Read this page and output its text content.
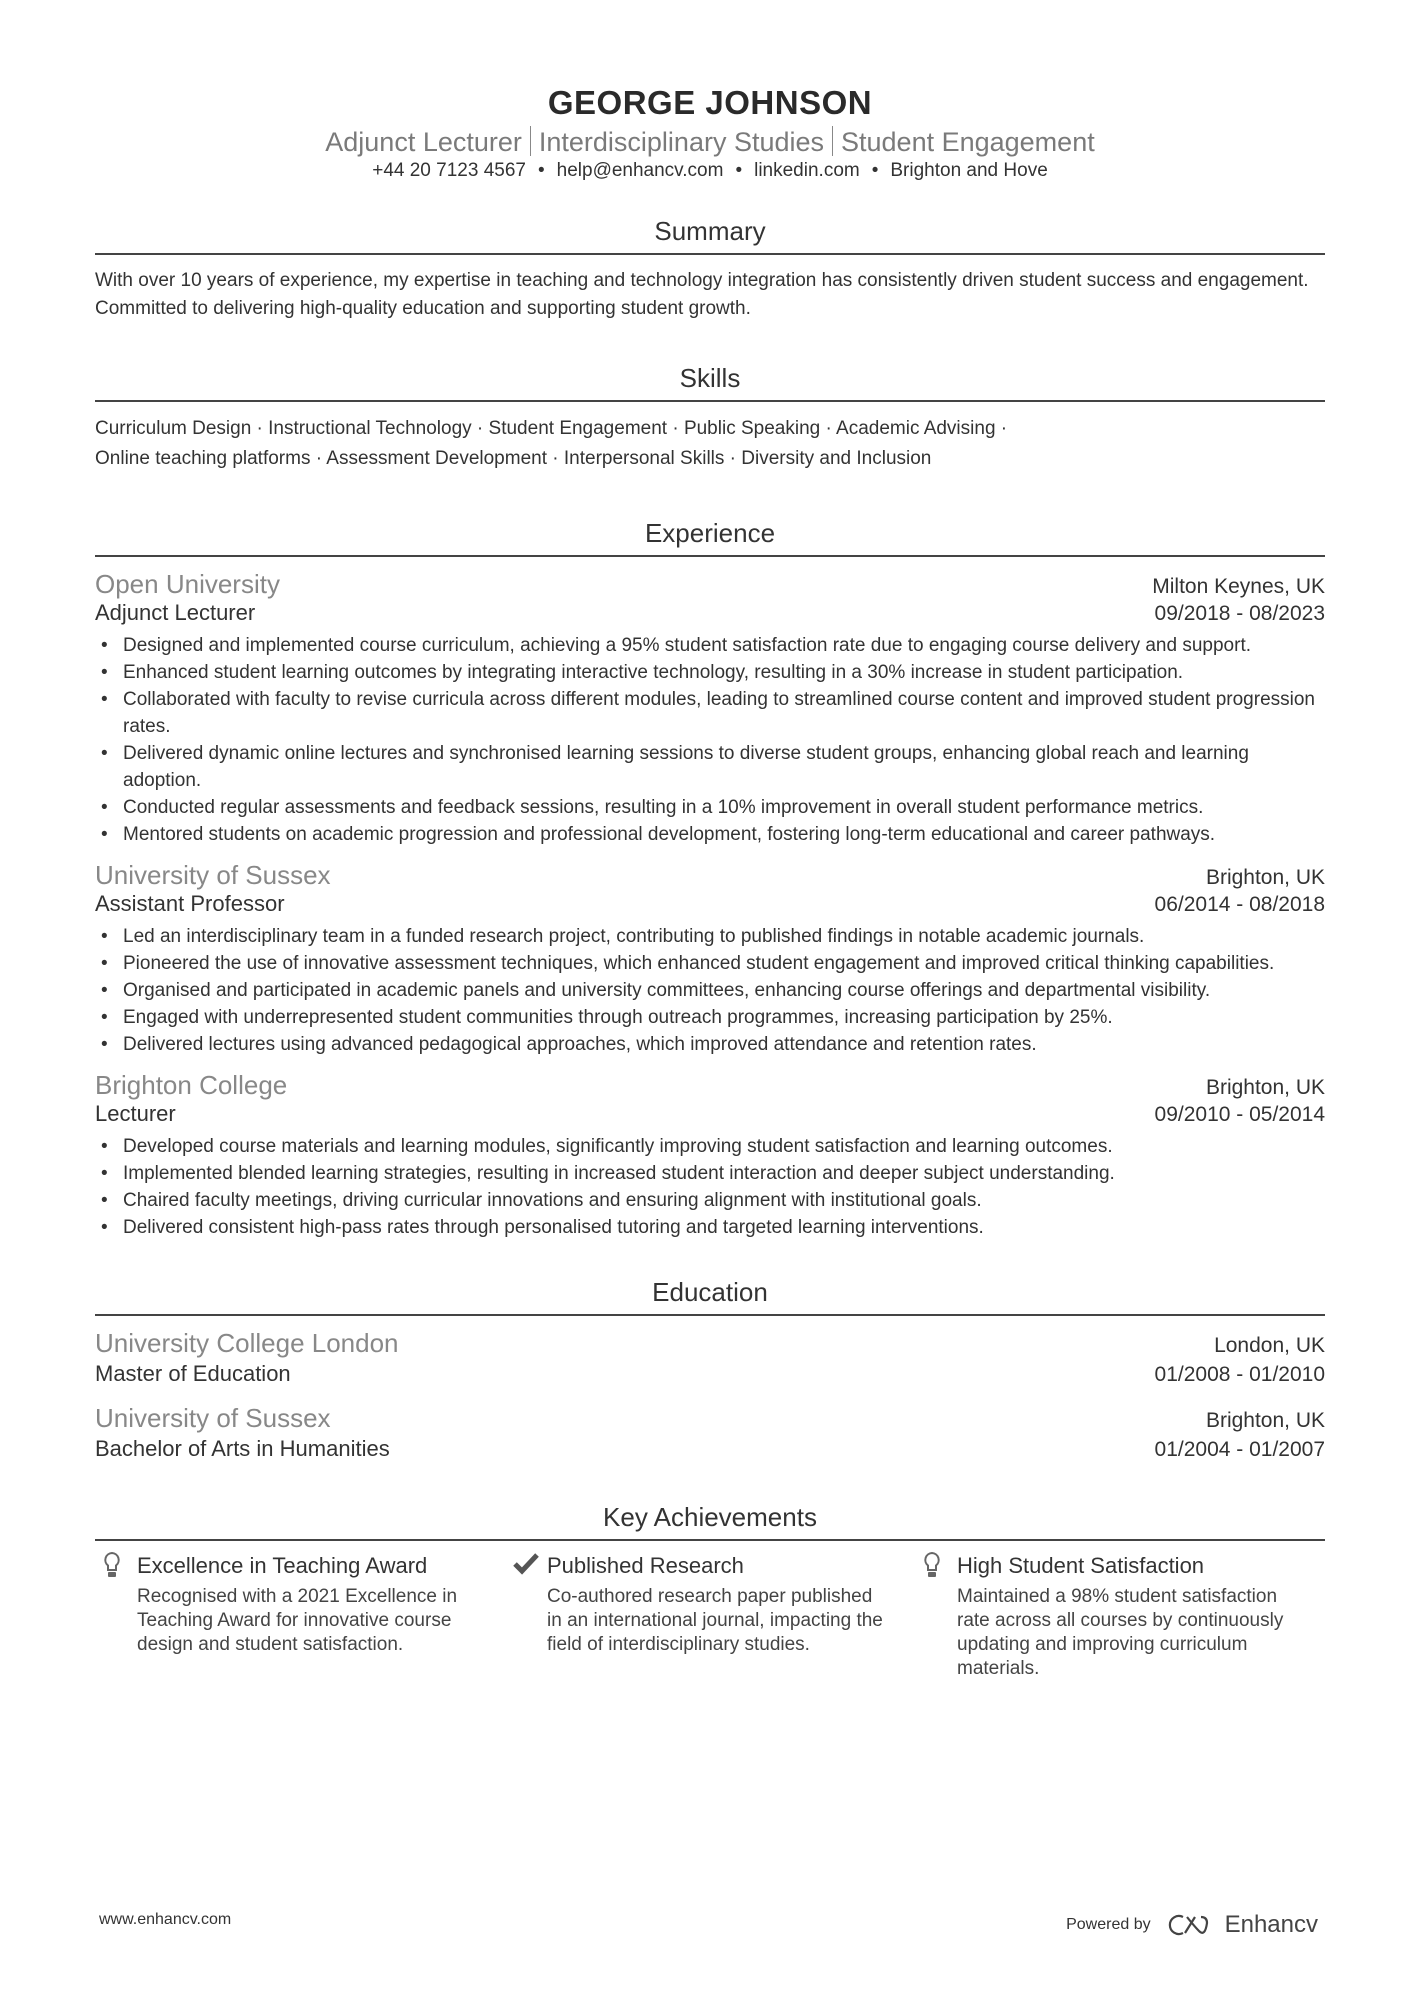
GEORGE JOHNSON
Adjunct Lecturer Interdisciplinary Studies Student Engagement
+44 20 7123 4567 • help@enhancv.com • linkedin.com • Brighton and Hove
Summary
With over 10 years of experience, my expertise in teaching and technology integration has consistently driven student success and engagement. Committed to delivering high-quality education and supporting student growth.
Skills
Curriculum Design · Instructional Technology · Student Engagement · Public Speaking · Academic Advising ·
Online teaching platforms · Assessment Development · Interpersonal Skills · Diversity and Inclusion
Experience
Open University	Milton Keynes, UK
Adjunct Lecturer	09/2018 - 08/2023
• Designed and implemented course curriculum, achieving a 95% student satisfaction rate due to engaging course delivery and support.
• Enhanced student learning outcomes by integrating interactive technology, resulting in a 30% increase in student participation.
• Collaborated with faculty to revise curricula across different modules, leading to streamlined course content and improved student progression rates.
• Delivered dynamic online lectures and synchronised learning sessions to diverse student groups, enhancing global reach and learning adoption.
• Conducted regular assessments and feedback sessions, resulting in a 10% improvement in overall student performance metrics.
• Mentored students on academic progression and professional development, fostering long-term educational and career pathways.
University of Sussex	Brighton, UK
Assistant Professor	06/2014 - 08/2018
• Led an interdisciplinary team in a funded research project, contributing to published findings in notable academic journals.
• Pioneered the use of innovative assessment techniques, which enhanced student engagement and improved critical thinking capabilities.
• Organised and participated in academic panels and university committees, enhancing course offerings and departmental visibility.
• Engaged with underrepresented student communities through outreach programmes, increasing participation by 25%.
• Delivered lectures using advanced pedagogical approaches, which improved attendance and retention rates.
Brighton College	Brighton, UK
Lecturer	09/2010 - 05/2014
• Developed course materials and learning modules, significantly improving student satisfaction and learning outcomes.
• Implemented blended learning strategies, resulting in increased student interaction and deeper subject understanding.
• Chaired faculty meetings, driving curricular innovations and ensuring alignment with institutional goals.
• Delivered consistent high-pass rates through personalised tutoring and targeted learning interventions.
Education
University College London	London, UK
Master of Education	01/2008 - 01/2010
University of Sussex	Brighton, UK
Bachelor of Arts in Humanities	01/2004 - 01/2007
Key Achievements
Excellence in Teaching Award
Recognised with a 2021 Excellence in Teaching Award for innovative course design and student satisfaction.
Published Research
Co-authored research paper published in an international journal, impacting the field of interdisciplinary studies.
High Student Satisfaction
Maintained a 98% student satisfaction rate across all courses by continuously updating and improving curriculum materials.
www.enhancv.com	Powered by	Enhancv
